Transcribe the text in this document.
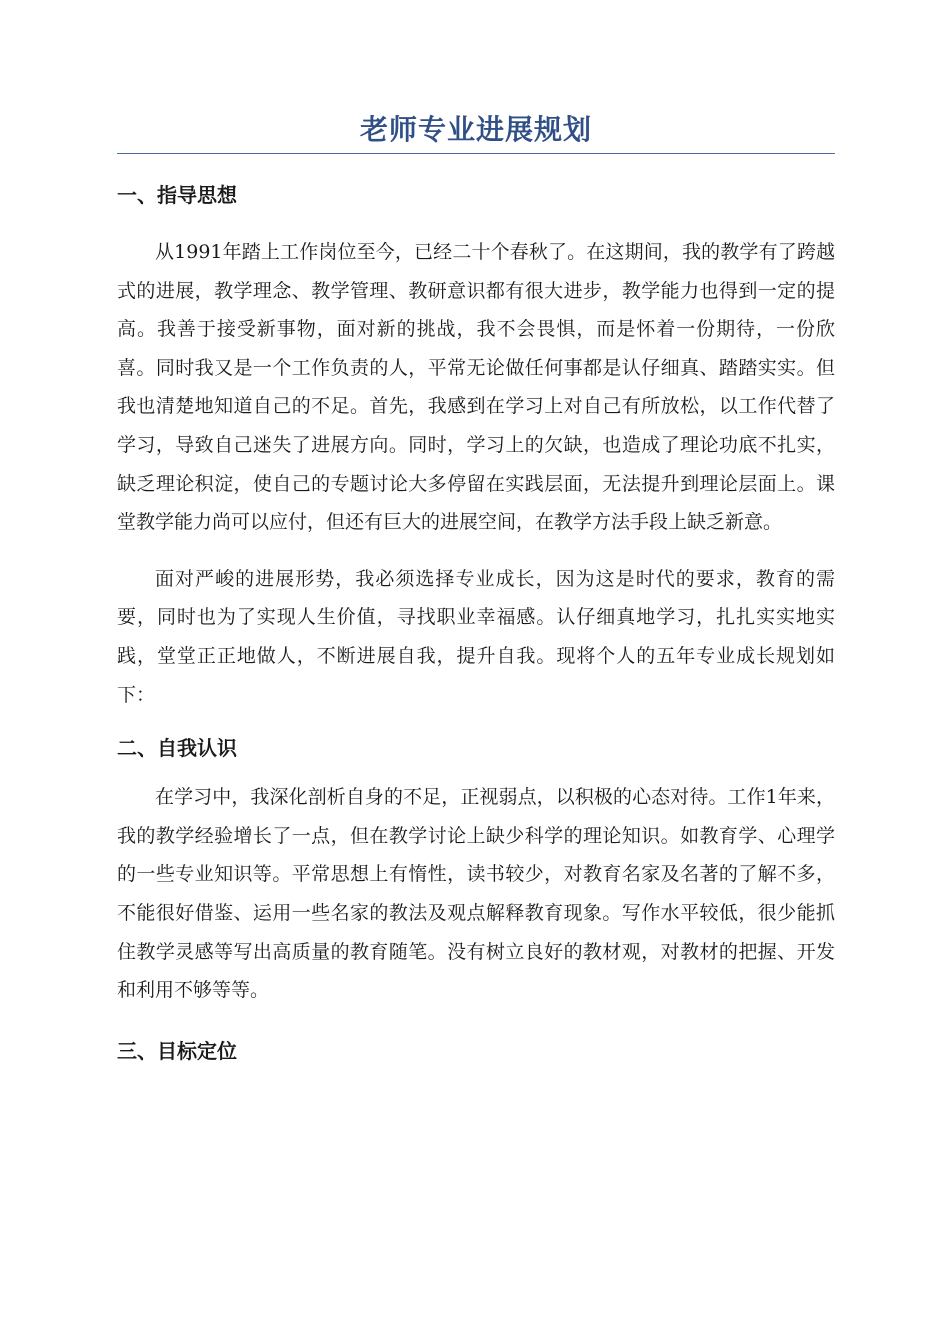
老师专业进展规划
一、指导思想

从1991年踏上工作岗位至今，已经二十个春秋了。在这期间，我的教学有了跨越式的进展，教学理念、教学管理、教研意识都有很大进步，教学能力也得到一定的提高。我善于接受新事物，面对新的挑战，我不会畏惧，而是怀着一份期待，一份欣喜。同时我又是一个工作负责的人，平常无论做任何事都是认仔细真、踏踏实实。但我也清楚地知道自己的不足。首先，我感到在学习上对自己有所放松，以工作代替了学习，导致自己迷失了进展方向。同时，学习上的欠缺，也造成了理论功底不扎实，缺乏理论积淀，使自己的专题讨论大多停留在实践层面，无法提升到理论层面上。课堂教学能力尚可以应付，但还有巨大的进展空间，在教学方法手段上缺乏新意。

面对严峻的进展形势，我必须选择专业成长，因为这是时代的要求，教育的需要，同时也为了实现人生价值，寻找职业幸福感。认仔细真地学习，扎扎实实地实践，堂堂正正地做人，不断进展自我，提升自我。现将个人的五年专业成长规划如下：

二、自我认识

在学习中，我深化剖析自身的不足，正视弱点，以积极的心态对待。工作1年来，我的教学经验增长了一点，但在教学讨论上缺少科学的理论知识。如教育学、心理学的一些专业知识等。平常思想上有惰性，读书较少，对教育名家及名著的了解不多，不能很好借鉴、运用一些名家的教法及观点解释教育现象。写作水平较低，很少能抓住教学灵感等写出高质量的教育随笔。没有树立良好的教材观，对教材的把握、开发和利用不够等等。

三、目标定位
